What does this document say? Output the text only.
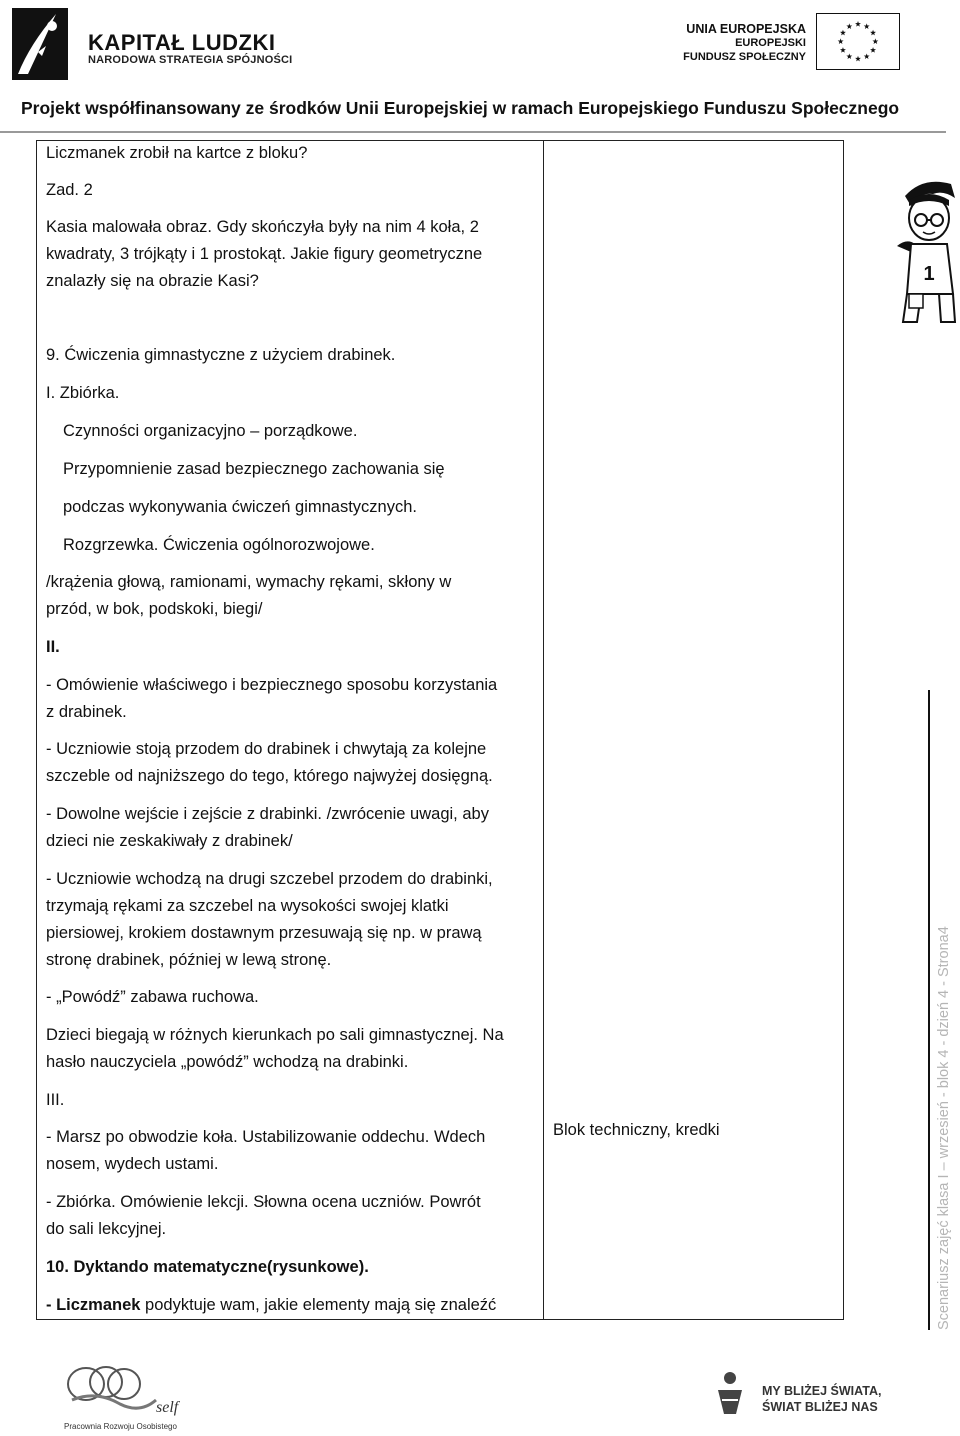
KAPITAŁ LUDZKI
NARODOWA STRATEGIA SPÓJNOŚCI
UNIA EUROPEJSKA
EUROPEJSKI
FUNDUSZ SPOŁECZNY
Projekt współfinansowany ze środków Unii Europejskiej w ramach Europejskiego Funduszu Społecznego
Liczmanek zrobił na kartce z bloku?
Zad. 2
Kasia malowała obraz. Gdy skończyła były na nim 4 koła, 2
kwadraty, 3 trójkąty i 1 prostokąt. Jakie figury geometryczne
znalazły się na obrazie Kasi?
9. Ćwiczenia gimnastyczne z użyciem drabinek.
I. Zbiórka.
Czynności organizacyjno – porządkowe.
Przypomnienie zasad bezpiecznego zachowania się
podczas wykonywania ćwiczeń gimnastycznych.
Rozgrzewka. Ćwiczenia ogólnorozwojowe.
/krążenia głową, ramionami, wymachy rękami, skłony w
przód, w bok, podskoki, biegi/
II.
- Omówienie właściwego i bezpiecznego sposobu korzystania
z drabinek.
- Uczniowie stoją przodem do drabinek i chwytają za kolejne
szczeble od najniższego do tego, którego najwyżej dosięgną.
- Dowolne wejście i zejście z drabinki. /zwrócenie uwagi, aby
dzieci nie zeskakiwały z drabinek/
- Uczniowie wchodzą na drugi szczebel przodem do drabinki,
trzymają rękami za szczebel na wysokości swojej klatki
piersiowej, krokiem dostawnym przesuwają się np. w prawą
stronę drabinek, później w lewą stronę.
- „Powódź” zabawa ruchowa.
Dzieci biegają w różnych kierunkach po sali gimnastycznej. Na
hasło nauczyciela „powódź” wchodzą na drabinki.
III.
- Marsz po obwodzie koła. Ustabilizowanie oddechu. Wdech
nosem, wydech ustami.
- Zbiórka. Omówienie lekcji. Słowna ocena uczniów. Powrót
do sali lekcyjnej.
10. Dyktando matematyczne(rysunkowe).
- Liczmanek podyktuje wam, jakie elementy mają się znaleźć
Blok techniczny, kredki
1
Scenariusz zajęć klasa I – wrzesień - blok 4 - dzień 4 - Strona4
self
Pracownia Rozwoju Osobistego
MY BLIŻEJ ŚWIATA,
ŚWIAT BLIŻEJ NAS
